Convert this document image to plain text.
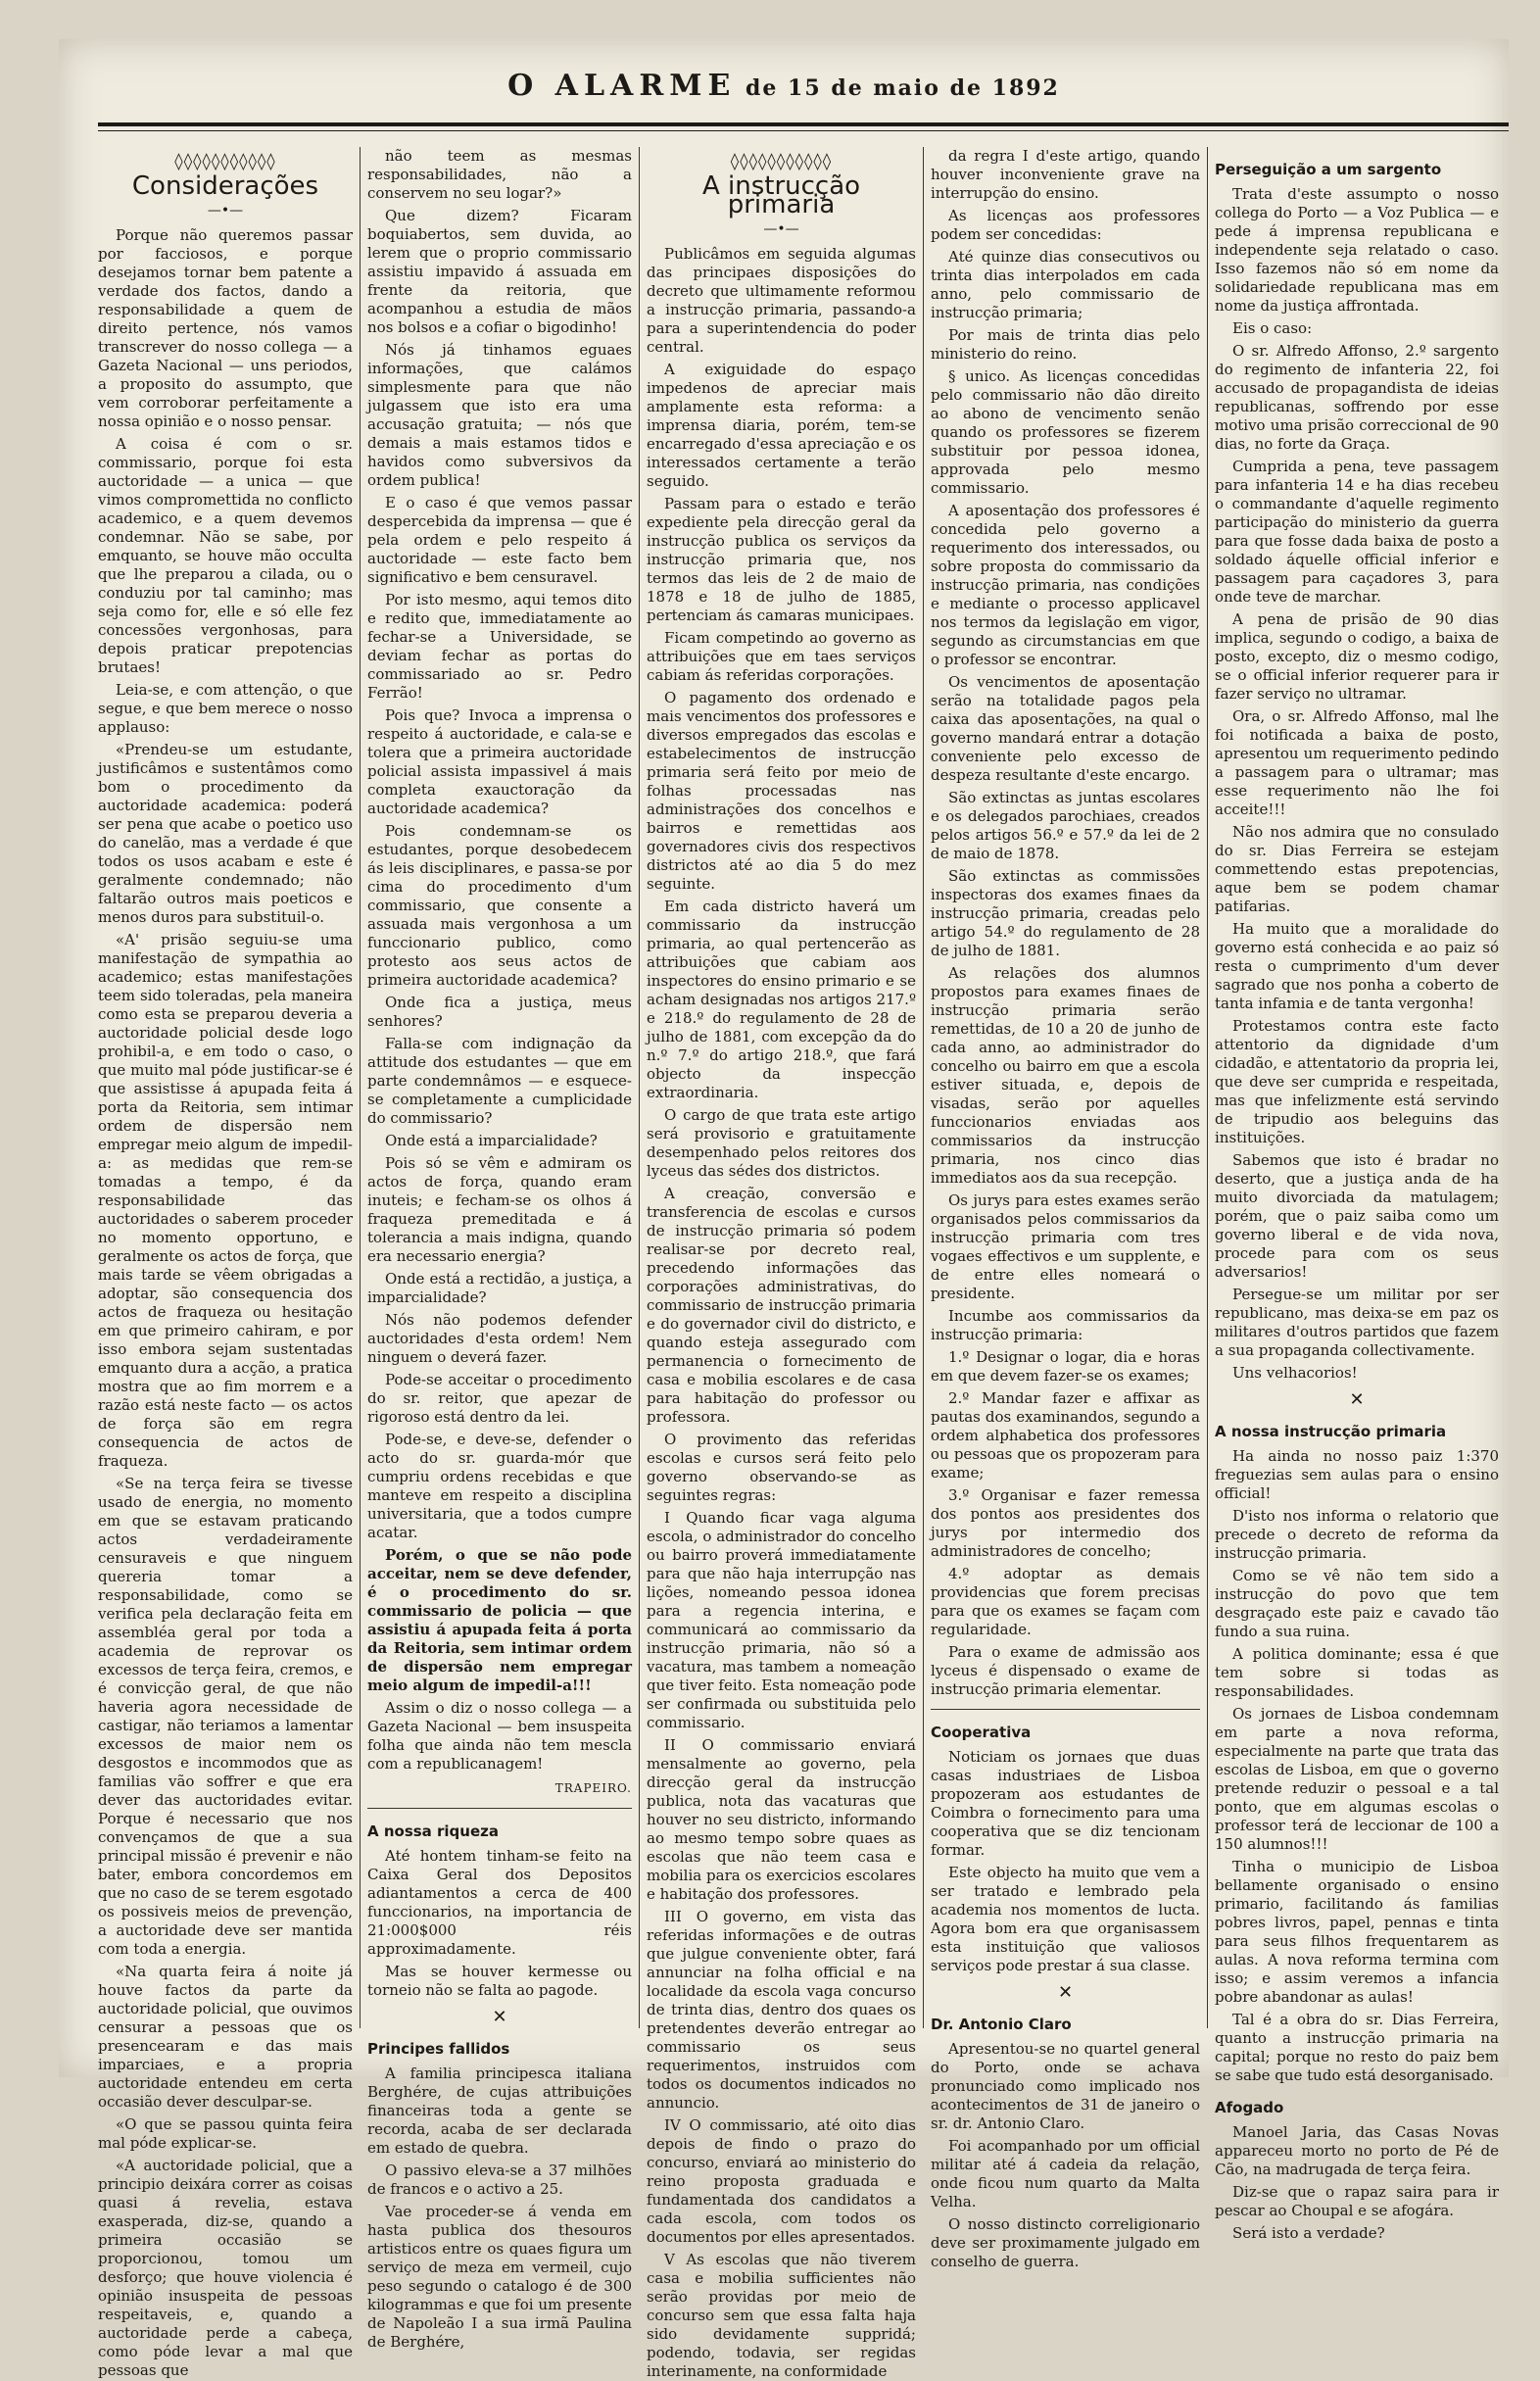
O ALARME de 15 de maio de 1892
◊◊◊◊◊◊◊◊◊◊◊
Considerações
—•—

Porque não queremos passar por facciosos, e porque desejamos tornar bem patente a verdade dos factos, dando a responsabilidade a quem de direito pertence, nós vamos transcrever do nosso collega — a Gazeta Nacional — uns periodos, a proposito do assumpto, que vem corroborar perfeitamente a nossa opinião e o nosso pensar.

A coisa é com o sr. commissario, porque foi esta auctoridade — a unica — que vimos compromettida no conflicto academico, e a quem devemos condemnar. Não se sabe, por emquanto, se houve mão occulta que lhe preparou a cilada, ou o conduziu por tal caminho; mas seja como for, elle e só elle fez concessões vergonhosas, para depois praticar prepotencias brutaes!

Leia-se, e com attenção, o que segue, e que bem merece o nosso applauso:

«Prendeu-se um estudante, justificâmos e sustentâmos como bom o procedimento da auctoridade academica: poderá ser pena que acabe o poetico uso do canelão, mas a verdade é que todos os usos acabam e este é geralmente condemnado; não faltarão outros mais poeticos e menos duros para substituil-o.

«A' prisão seguiu-se uma manifestação de sympathia ao academico; estas manifestações teem sido toleradas, pela maneira como esta se preparou deveria a auctoridade policial desde logo prohibil-a, e em todo o caso, o que muito mal póde justificar-se é que assistisse á apupada feita á porta da Reitoria, sem intimar ordem de dispersão nem empregar meio algum de impedil-a: as medidas que rem-se tomadas a tempo, é da responsabilidade das auctoridades o saberem proceder no momento opportuno, e geralmente os actos de força, que mais tarde se vêem obrigadas a adoptar, são consequencia dos actos de fraqueza ou hesitação em que primeiro cahiram, e por isso embora sejam sustentadas emquanto dura a acção, a pratica mostra que ao fim morrem e a razão está neste facto — os actos de força são em regra consequencia de actos de fraqueza.

«Se na terça feira se tivesse usado de energia, no momento em que se estavam praticando actos verdadeiramente censuraveis e que ninguem quereria tomar a responsabilidade, como se verifica pela declaração feita em assembléa geral por toda a academia de reprovar os excessos de terça feira, cremos, e é convicção geral, de que não haveria agora necessidade de castigar, não teriamos a lamentar excessos de maior nem os desgostos e incommodos que as familias vão soffrer e que era dever das auctoridades evitar. Porque é necessario que nos convençamos de que a sua principal missão é prevenir e não bater, embora concordemos em que no caso de se terem esgotado os possiveis meios de prevenção, a auctoridade deve ser mantida com toda a energia.

«Na quarta feira á noite já houve factos da parte da auctoridade policial, que ouvimos censurar a pessoas que os presencearam e das mais imparciaes, e a propria auctoridade entendeu em certa occasião dever desculpar-se.

«O que se passou quinta feira mal póde explicar-se.

«A auctoridade policial, que a principio deixára correr as coisas quasi á revelia, estava exasperada, diz-se, quando a primeira occasião se proporcionou, tomou um desforço; que houve violencia é opinião insuspeita de pessoas respeitaveis, e, quando a auctoridade perde a cabeça, como póde levar a mal que pessoas que

não teem as mesmas responsabilidades, não a conservem no seu logar?»

Que dizem? Ficaram boquiabertos, sem duvida, ao lerem que o proprio commissario assistiu impavido á assuada em frente da reitoria, que acompanhou a estudia de mãos nos bolsos e a cofiar o bigodinho!

Nós já tinhamos eguaes informações, que calámos simplesmente para que não julgassem que isto era uma accusação gratuita; — nós que demais a mais estamos tidos e havidos como subversivos da ordem publica!

E o caso é que vemos passar despercebida da imprensa — que é pela ordem e pelo respeito á auctoridade — este facto bem significativo e bem censuravel.

Por isto mesmo, aqui temos dito e redito que, immediatamente ao fechar-se a Universidade, se deviam fechar as portas do commissariado ao sr. Pedro Ferrão!

Pois que? Invoca a imprensa o respeito á auctoridade, e cala-se e tolera que a primeira auctoridade policial assista impassivel á mais completa exauctoração da auctoridade academica?

Pois condemnam-se os estudantes, porque desobedecem ás leis disciplinares, e passa-se por cima do procedimento d'um commissario, que consente a assuada mais vergonhosa a um funccionario publico, como protesto aos seus actos de primeira auctoridade academica?

Onde fica a justiça, meus senhores?

Falla-se com indignação da attitude dos estudantes — que em parte condemnâmos — e esquece-se completamente a cumplicidade do commissario?

Onde está a imparcialidade?

Pois só se vêm e admiram os actos de força, quando eram inuteis; e fecham-se os olhos á fraqueza premeditada e á tolerancia a mais indigna, quando era necessario energia?

Onde está a rectidão, a justiça, a imparcialidade?

Nós não podemos defender auctoridades d'esta ordem! Nem ninguem o deverá fazer.

Pode-se acceitar o procedimento do sr. reitor, que apezar de rigoroso está dentro da lei.

Pode-se, e deve-se, defender o acto do sr. guarda-mór que cumpriu ordens recebidas e que manteve em respeito a disciplina universitaria, que a todos cumpre acatar.

Porém, o que se não pode acceitar, nem se deve defender, é o procedimento do sr. commissario de policia — que assistiu á apupada feita á porta da Reitoria, sem intimar ordem de dispersão nem empregar meio algum de impedil-a!!!

Assim o diz o nosso collega — a Gazeta Nacional — bem insuspeita folha que ainda não tem mescla com a republicanagem!

TRAPEIRO.
A nossa riqueza

Até hontem tinham-se feito na Caixa Geral dos Depositos adiantamentos a cerca de 400 funccionarios, na importancia de 21:000$000 réis approximadamente.

Mas se houver kermesse ou torneio não se falta ao pagode.

✕
Principes fallidos

A familia principesca italiana Berghére, de cujas attribuições financeiras toda a gente se recorda, acaba de ser declarada em estado de quebra.

O passivo eleva-se a 37 milhões de francos e o activo a 25.

Vae proceder-se á venda em hasta publica dos thesouros artisticos entre os quaes figura um serviço de meza em vermeil, cujo peso segundo o catalogo é de 300 kilogrammas e que foi um presente de Napoleão I a sua irmã Paulina de Berghére,

◊◊◊◊◊◊◊◊◊◊◊
A instrucção primaria
—•—

Publicâmos em seguida algumas das principaes disposições do decreto que ultimamente reformou a instrucção primaria, passando-a para a superintendencia do poder central.

A exiguidade do espaço impedenos de apreciar mais amplamente esta reforma: a imprensa diaria, porém, tem-se encarregado d'essa apreciação e os interessados certamente a terão seguido.

Passam para o estado e terão expediente pela direcção geral da instrucção publica os serviços da instrucção primaria que, nos termos das leis de 2 de maio de 1878 e 18 de julho de 1885, pertenciam ás camaras municipaes.

Ficam competindo ao governo as attribuições que em taes serviços cabiam ás referidas corporações.

O pagamento dos ordenado e mais vencimentos dos professores e diversos empregados das escolas e estabelecimentos de instrucção primaria será feito por meio de folhas processadas nas administrações dos concelhos e bairros e remettidas aos governadores civis dos respectivos districtos até ao dia 5 do mez seguinte.

Em cada districto haverá um commissario da instrucção primaria, ao qual pertencerão as attribuições que cabiam aos inspectores do ensino primario e se acham designadas nos artigos 217.º e 218.º do regulamento de 28 de julho de 1881, com excepção da do n.º 7.º do artigo 218.º, que fará objecto da inspecção extraordinaria.

O cargo de que trata este artigo será provisorio e gratuitamente desempenhado pelos reitores dos lyceus das sédes dos districtos.

A creação, conversão e transferencia de escolas e cursos de instrucção primaria só podem realisar-se por decreto real, precedendo informações das corporações administrativas, do commissario de instrucção primaria e do governador civil do districto, e quando esteja assegurado com permanencia o fornecimento de casa e mobilia escolares e de casa para habitação do professor ou professora.

O provimento das referidas escolas e cursos será feito pelo governo observando-se as seguintes regras:

I Quando ficar vaga alguma escola, o administrador do concelho ou bairro proverá immediatamente para que não haja interrupção nas lições, nomeando pessoa idonea para a regencia interina, e communicará ao commissario da instrucção primaria, não só a vacatura, mas tambem a nomeação que tiver feito. Esta nomeação pode ser confirmada ou substituida pelo commissario.

II O commissario enviará mensalmente ao governo, pela direcção geral da instrucção publica, nota das vacaturas que houver no seu districto, informando ao mesmo tempo sobre quaes as escolas que não teem casa e mobilia para os exercicios escolares e habitação dos professores.

III O governo, em vista das referidas informações e de outras que julgue conveniente obter, fará annunciar na folha official e na localidade da escola vaga concurso de trinta dias, dentro dos quaes os pretendentes deverão entregar ao commissario os seus requerimentos, instruidos com todos os documentos indicados no annuncio.

IV O commissario, até oito dias depois de findo o prazo do concurso, enviará ao ministerio do reino proposta graduada e fundamentada dos candidatos a cada escola, com todos os documentos por elles apresentados.

V As escolas que não tiverem casa e mobilia sufficientes não serão providas por meio de concurso sem que essa falta haja sido devidamente suppridá; podendo, todavia, ser regidas interinamente, na conformidade

da regra I d'este artigo, quando houver inconveniente grave na interrupção do ensino.

As licenças aos professores podem ser concedidas:

Até quinze dias consecutivos ou trinta dias interpolados em cada anno, pelo commissario de instrucção primaria;

Por mais de trinta dias pelo ministerio do reino.

§ unico. As licenças concedidas pelo commissario não dão direito ao abono de vencimento senão quando os professores se fizerem substituir por pessoa idonea, approvada pelo mesmo commissario.

A aposentação dos professores é concedida pelo governo a requerimento dos interessados, ou sobre proposta do commissario da instrucção primaria, nas condições e mediante o processo applicavel nos termos da legislação em vigor, segundo as circumstancias em que o professor se encontrar.

Os vencimentos de aposentação serão na totalidade pagos pela caixa das aposentações, na qual o governo mandará entrar a dotação conveniente pelo excesso de despeza resultante d'este encargo.

São extinctas as juntas escolares e os delegados parochiaes, creados pelos artigos 56.º e 57.º da lei de 2 de maio de 1878.

São extinctas as commissões inspectoras dos exames finaes da instrucção primaria, creadas pelo artigo 54.º do regulamento de 28 de julho de 1881.

As relações dos alumnos propostos para exames finaes de instrucção primaria serão remettidas, de 10 a 20 de junho de cada anno, ao administrador do concelho ou bairro em que a escola estiver situada, e, depois de visadas, serão por aquelles funccionarios enviadas aos commissarios da instrucção primaria, nos cinco dias immediatos aos da sua recepção.

Os jurys para estes exames serão organisados pelos commissarios da instrucção primaria com tres vogaes effectivos e um supplente, e de entre elles nomeará o presidente.

Incumbe aos commissarios da instrucção primaria:

1.º Designar o logar, dia e horas em que devem fazer-se os exames;

2.º Mandar fazer e affixar as pautas dos examinandos, segundo a ordem alphabetica dos professores ou pessoas que os propozeram para exame;

3.º Organisar e fazer remessa dos pontos aos presidentes dos jurys por intermedio dos administradores de concelho;

4.º adoptar as demais providencias que forem precisas para que os exames se façam com regularidade.

Para o exame de admissão aos lyceus é dispensado o exame de instrucção primaria elementar.

Cooperativa

Noticiam os jornaes que duas casas industriaes de Lisboa propozeram aos estudantes de Coimbra o fornecimento para uma cooperativa que se diz tencionam formar.

Este objecto ha muito que vem a ser tratado e lembrado pela academia nos momentos de lucta. Agora bom era que organisassem esta instituição que valiosos serviços pode prestar á sua classe.

✕
Dr. Antonio Claro

Apresentou-se no quartel general do Porto, onde se achava pronunciado como implicado nos acontecimentos de 31 de janeiro o sr. dr. Antonio Claro.

Foi acompanhado por um official militar até á cadeia da relação, onde ficou num quarto da Malta Velha.

O nosso distincto correligionario deve ser proximamente julgado em conselho de guerra.

Perseguição a um sargento

Trata d'este assumpto o nosso collega do Porto — a Voz Publica — e pede á imprensa republicana e independente seja relatado o caso. Isso fazemos não só em nome da solidariedade republicana mas em nome da justiça affrontada.

Eis o caso:

O sr. Alfredo Affonso, 2.º sargento do regimento de infanteria 22, foi accusado de propagandista de ideias republicanas, soffrendo por esse motivo uma prisão correccional de 90 dias, no forte da Graça.

Cumprida a pena, teve passagem para infanteria 14 e ha dias recebeu o commandante d'aquelle regimento participação do ministerio da guerra para que fosse dada baixa de posto a soldado áquelle official inferior e passagem para caçadores 3, para onde teve de marchar.

A pena de prisão de 90 dias implica, segundo o codigo, a baixa de posto, excepto, diz o mesmo codigo, se o official inferior requerer para ir fazer serviço no ultramar.

Ora, o sr. Alfredo Affonso, mal lhe foi notificada a baixa de posto, apresentou um requerimento pedindo a passagem para o ultramar; mas esse requerimento não lhe foi acceite!!!

Não nos admira que no consulado do sr. Dias Ferreira se estejam commettendo estas prepotencias, aque bem se podem chamar patifarias.

Ha muito que a moralidade do governo está conhecida e ao paiz só resta o cumprimento d'um dever sagrado que nos ponha a coberto de tanta infamia e de tanta vergonha!

Protestamos contra este facto attentorio da dignidade d'um cidadão, e attentatorio da propria lei, que deve ser cumprida e respeitada, mas que infelizmente está servindo de tripudio aos beleguins das instituições.

Sabemos que isto é bradar no deserto, que a justiça anda de ha muito divorciada da matulagem; porém, que o paiz saiba como um governo liberal e de vida nova, procede para com os seus adversarios!

Persegue-se um militar por ser republicano, mas deixa-se em paz os militares d'outros partidos que fazem a sua propaganda collectivamente.

Uns velhacorios!

✕
A nossa instrucção primaria

Ha ainda no nosso paiz 1:370 freguezias sem aulas para o ensino official!

D'isto nos informa o relatorio que precede o decreto de reforma da instrucção primaria.

Como se vê não tem sido a instrucção do povo que tem desgraçado este paiz e cavado tão fundo a sua ruina.

A politica dominante; essa é que tem sobre si todas as responsabilidades.

Os jornaes de Lisboa condemnam em parte a nova reforma, especialmente na parte que trata das escolas de Lisboa, em que o governo pretende reduzir o pessoal e a tal ponto, que em algumas escolas o professor terá de leccionar de 100 a 150 alumnos!!!

Tinha o municipio de Lisboa bellamente organisado o ensino primario, facilitando ás familias pobres livros, papel, pennas e tinta para seus filhos frequentarem as aulas. A nova reforma termina com isso; e assim veremos a infancia pobre abandonar as aulas!

Tal é a obra do sr. Dias Ferreira, quanto a instrucção primaria na capital; porque no resto do paiz bem se sabe que tudo está desorganisado.

Afogado

Manoel Jaria, das Casas Novas appareceu morto no porto de Pé de Cão, na madrugada de terça feira.

Diz-se que o rapaz saira para ir pescar ao Choupal e se afogára.

Será isto a verdade?
